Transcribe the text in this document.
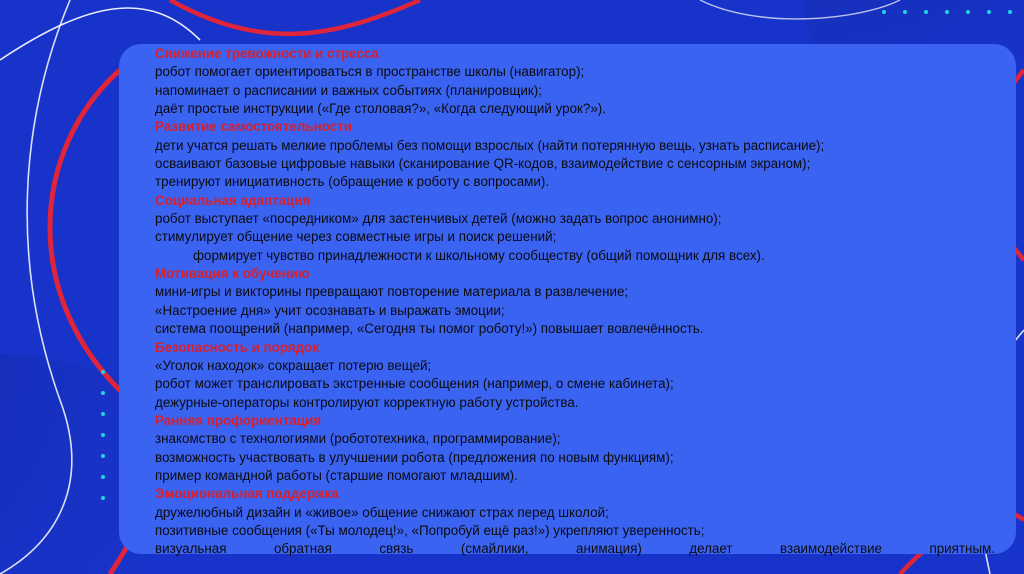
Снижение тревожности и стресса
робот помогает ориентироваться в пространстве школы (навигатор);
напоминает о расписании и важных событиях (планировщик);
даёт простые инструкции («Где столовая?», «Когда следующий урок?»).
Развитие самостоятельности
дети учатся решать мелкие проблемы без помощи взрослых (найти потерянную вещь, узнать расписание);
осваивают базовые цифровые навыки (сканирование QR-кодов, взаимодействие с сенсорным экраном);
тренируют инициативность (обращение к роботу с вопросами).
Социальная адаптация
робот выступает «посредником» для застенчивых детей (можно задать вопрос анонимно);
стимулирует общение через совместные игры и поиск решений;
формирует чувство принадлежности к школьному сообществу (общий помощник для всех).
Мотивация к обучению
мини-игры и викторины превращают повторение материала в развлечение;
«Настроение дня» учит осознавать и выражать эмоции;
система поощрений (например, «Сегодня ты помог роботу!») повышает вовлечённость.
Безопасность и порядок
«Уголок находок» сокращает потерю вещей;
робот может транслировать экстренные сообщения (например, о смене кабинета);
дежурные-операторы контролируют корректную работу устройства.
Ранняя профориентация
знакомство с технологиями (робототехника, программирование);
возможность участвовать в улучшении робота (предложения по новым функциям);
пример командной работы (старшие помогают младшим).
Эмоциональная поддержка
дружелюбный дизайн и «живое» общение снижают страх перед школой;
позитивные сообщения («Ты молодец!», «Попробуй ещё раз!») укрепляют уверенность;
визуальная обратная связь (смайлики, анимация) делает взаимодействие приятным.
